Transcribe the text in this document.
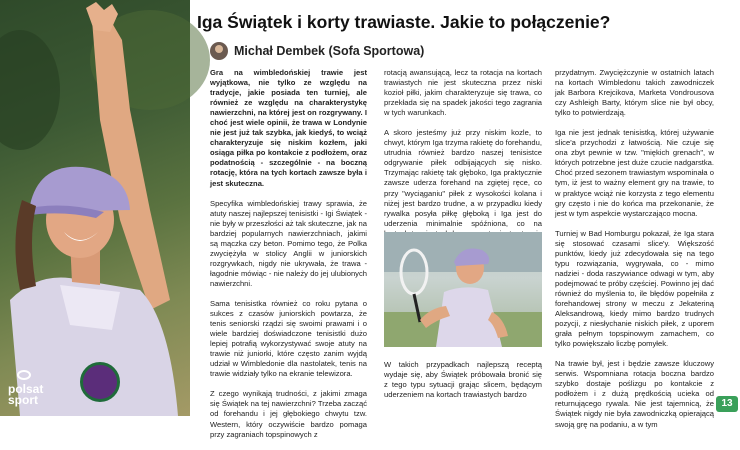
polsat
sport
Iga Świątek i korty trawiaste. Jakie to połączenie?
Michał Dembek (Sofa Sportowa)

Gra na wimbledońskiej trawie jest wyjątkowa, nie tylko ze względu na tradycje, jakie posiada ten turniej, ale również ze względu na charakterystykę nawierzchni, na której jest on rozgrywany. I choć jest wiele opinii, że trawa w Londynie nie jest już tak szybka, jak kiedyś, to wciąż charakteryzuje się niskim kozłem, jaki osiąga piłka po kontakcie z podłożem, oraz podatnością - szczególnie - na boczną rotację, która na tych kortach zawsze była i jest skuteczna.

Specyfika wimbledońskiej trawy sprawia, że atuty naszej najlepszej tenisistki - Igi Świątek - nie były w przeszłości aż tak skuteczne, jak na bardziej popularnych nawierzchniach, jakimi są mączka czy beton. Pomimo tego, że Polka zwyciężyła w stolicy Anglii w juniorskich rozgrywkach, nigdy nie ukrywała, że trawa - łagodnie mówiąc - nie należy do jej ulubionych nawierzchni.

Sama tenisistka również co roku pytana o sukces z czasów juniorskich powtarza, że tenis seniorski rządzi się swoimi prawami i o wiele bardziej doświadczone tenisistki dużo lepiej potrafią wykorzystywać swoje atuty na trawie niż juniorki, które często zanim wyjdą udział w Wimbledonie dla nastolatek, tenis na trawie widziały tylko na ekranie telewizora.

Z czego wynikają trudności, z jakimi zmaga się Świątek na tej nawierzchni? Trzeba zacząć od forehandu i jej głębokiego chwytu tzw. Western, który oczywiście bardzo pomaga przy zagraniach topspinowych z

rotacją awansującą, lecz ta rotacja na kortach trawiastych nie jest skuteczna przez niski kozioł piłki, jakim charakteryzuje się trawa, co przekłada się na spadek jakości tego zagrania w tych warunkach.

A skoro jesteśmy już przy niskim kozle, to chwyt, którym Iga trzyma rakietę do forehandu, utrudnia również bardzo naszej tenisistce odgrywanie piłek odbijających się nisko. Trzymając rakietę tak głęboko, Iga praktycznie zawsze uderza forehand na zgiętej ręce, co przy "wyciąganiu" piłek z wysokości kolana i niżej jest bardzo trudne, a w przypadku kiedy rywalka posyła piłkę głęboką i Iga jest do uderzenia minimalnie spóźniona, co na

W takich przypadkach najlepszą receptą wydaje się, aby Świątek próbowała bronić się z tego typu sytuacji grając slicem, będącym uderzeniem na kortach trawiastych bardzo

przydatnym. Zwyciężczynie w ostatnich latach na kortach Wimbledonu takich zawodniczek jak Barbora Krejcikova, Marketa Vondrousova czy Ashleigh Barty, którym slice nie był obcy, tylko to potwierdzają.

Iga nie jest jednak tenisistką, której używanie slice'a przychodzi z łatwością. Nie czuje się ona zbyt pewnie w tzw. "miękich grenach", w których potrzebne jest duże czucie nadgarstka. Choć przed sezonem trawiastym wspominała o tym, iż jest to ważny element gry na trawie, to w praktyce wciąż nie korzysta z tego elementu gry często i nie do końca ma przekonanie, że jest w tym aspekcie wystarczająco mocna.

Turniej w Bad Homburgu pokazał, że Iga stara się stosować czasami slice'y. Większość punktów, kiedy już zdecydowała się na tego typu rozwiązania, wygrywała, co - mimo nadziei - doda raszywiance odwagi w tym, aby podejmować te próby częściej. Powinno jej dać również do myślenia to, ile błędów popełniła z forehandowej strony w meczu z Jekateriną Aleksandrową, kiedy mimo bardzo trudnych pozycji, z niesłychanie niskich piłek, z uporem grała pełnym topspinowym zamachem, co tylko powiększało liczbę pomyłek.

Na trawie był, jest i będzie zawsze kluczowy serwis. Wspomniana rotacja boczna bardzo szybko dostaje poślizgu po kontakcie z podłożem i z dużą prędkością ucieka od returnującego rywala. Nie jest tajemnicą, że Świątek nigdy nie była zawodniczką opierającą swoją grę na podaniu, a w tym

13
